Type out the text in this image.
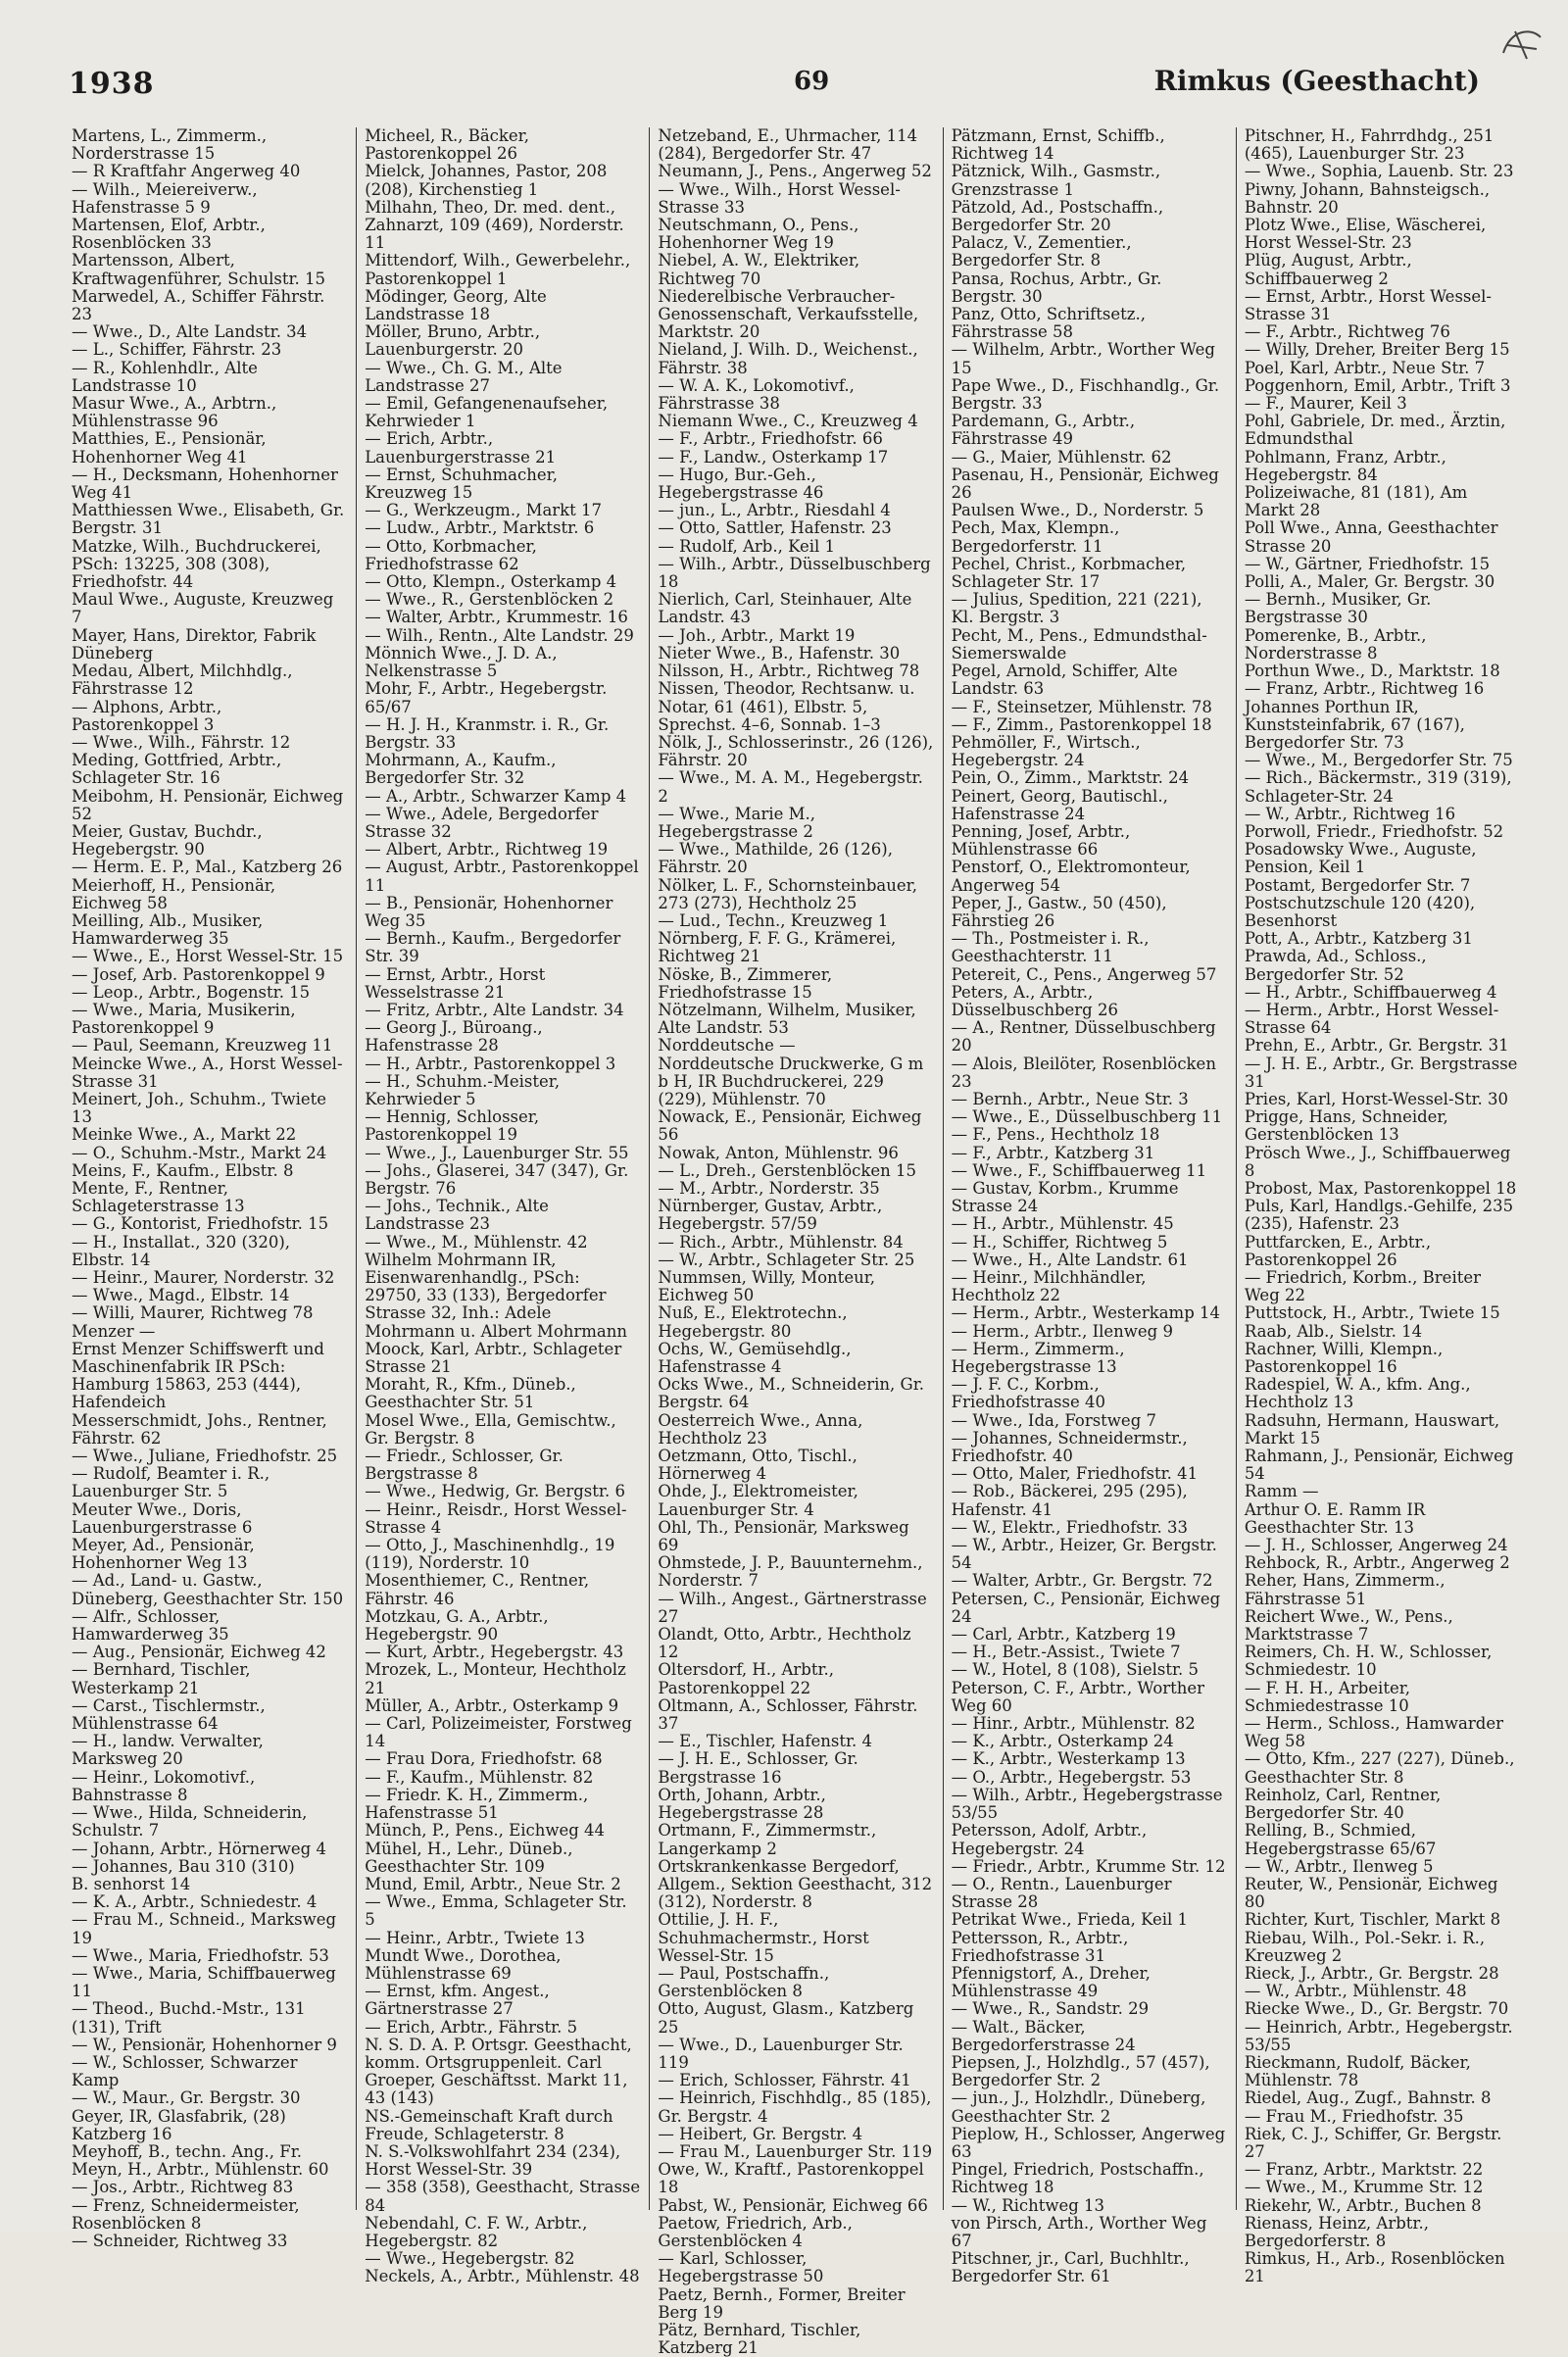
1938	69	Rimkus (Geesthacht)

Martens, L., Zimmerm., Norderstrasse 15

— R Kraftfahr Angerweg 40

— Wilh., Meiereiverw., Hafenstrasse 5 9

Martensen, Elof, Arbtr., Rosenblöcken 33

Martensson, Albert, Kraftwagenführer, Schulstr. 15

Marwedel, A., Schiffer Fährstr. 23

— Wwe., D., Alte Landstr. 34

— L., Schiffer, Fährstr. 23

— R., Kohlenhdlr., Alte Landstrasse 10

Masur Wwe., A., Arbtrn., Mühlenstrasse 96

Matthies, E., Pensionär, Hohenhorner Weg 41

— H., Decksmann, Hohenhorner Weg 41

Matthiessen Wwe., Elisabeth, Gr. Bergstr. 31

Matzke, Wilh., Buchdruckerei, PSch: 13225, 308 (308), Friedhofstr. 44

Maul Wwe., Auguste, Kreuzweg 7

Mayer, Hans, Direktor, Fabrik Düneberg

Medau, Albert, Milchhdlg., Fährstrasse 12

— Alphons, Arbtr., Pastorenkoppel 3

— Wwe., Wilh., Fährstr. 12

Meding, Gottfried, Arbtr., Schlageter Str. 16

Meibohm, H. Pensionär, Eichweg 52

Meier, Gustav, Buchdr., Hegebergstr. 90

— Herm. E. P., Mal., Katzberg 26

Meierhoff, H., Pensionär, Eichweg 58

Meilling, Alb., Musiker, Hamwarderweg 35

— Wwe., E., Horst Wessel-Str. 15

— Josef, Arb. Pastorenkoppel 9

— Leop., Arbtr., Bogenstr. 15

— Wwe., Maria, Musikerin, Pastorenkoppel 9

— Paul, Seemann, Kreuzweg 11

Meincke Wwe., A., Horst Wessel-Strasse 31

Meinert, Joh., Schuhm., Twiete 13

Meinke Wwe., A., Markt 22

— O., Schuhm.-Mstr., Markt 24

Meins, F., Kaufm., Elbstr. 8

Mente, F., Rentner, Schlageterstrasse 13

— G., Kontorist, Friedhofstr. 15

— H., Installat., 320 (320), Elbstr. 14

— Heinr., Maurer, Norderstr. 32

— Wwe., Magd., Elbstr. 14

— Willi, Maurer, Richtweg 78

Menzer —

Ernst Menzer Schiffswerft und Maschinenfabrik IR PSch: Hamburg 15863, 253 (444), Hafendeich

Messerschmidt, Johs., Rentner, Fährstr. 62

— Wwe., Juliane, Friedhofstr. 25

— Rudolf, Beamter i. R., Lauenburger Str. 5

Meuter Wwe., Doris, Lauenburgerstrasse 6

Meyer, Ad., Pensionär, Hohenhorner Weg 13

— Ad., Land- u. Gastw., Düneberg, Geesthachter Str. 150

— Alfr., Schlosser, Hamwarderweg 35

— Aug., Pensionär, Eichweg 42

— Bernhard, Tischler, Westerkamp 21

— Carst., Tischlermstr., Mühlenstrasse 64

— H., landw. Verwalter, Marksweg 20

— Heinr., Lokomotivf., Bahnstrasse 8

— Wwe., Hilda, Schneiderin, Schulstr. 7

— Johann, Arbtr., Hörnerweg 4

— Johannes, Bau 310 (310)

B. senhorst 14

— K. A., Arbtr., Schniedestr. 4

— Frau M., Schneid., Marksweg 19

— Wwe., Maria, Friedhofstr. 53

— Wwe., Maria, Schiffbauerweg 11

— Theod., Buchd.-Mstr., 131 (131), Trift

— W., Pensionär, Hohenhorner 9

— W., Schlosser, Schwarzer Kamp

— W., Maur., Gr. Bergstr. 30

Geyer, IR, Glasfabrik, (28) Katzberg 16

Meyhoff, B., techn. Ang., Fr.

Meyn, H., Arbtr., Mühlenstr. 60

— Jos., Arbtr., Richtweg 83

— Frenz, Schneidermeister, Rosenblöcken 8

— Schneider, Richtweg 33

Micheel, R., Bäcker, Pastorenkoppel 26

Mielck, Johannes, Pastor, 208 (208), Kirchenstieg 1

Milhahn, Theo, Dr. med. dent., Zahnarzt, 109 (469), Norderstr. 11

Mittendorf, Wilh., Gewerbelehr., Pastorenkoppel 1

Mödinger, Georg, Alte Landstrasse 18

Möller, Bruno, Arbtr., Lauenburgerstr. 20

— Wwe., Ch. G. M., Alte Landstrasse 27

— Emil, Gefangenenaufseher, Kehrwieder 1

— Erich, Arbtr., Lauenburgerstrasse 21

— Ernst, Schuhmacher, Kreuzweg 15

— G., Werkzeugm., Markt 17

— Ludw., Arbtr., Marktstr. 6

— Otto, Korbmacher, Friedhofstrasse 62

— Otto, Klempn., Osterkamp 4

— Wwe., R., Gerstenblöcken 2

— Walter, Arbtr., Krummestr. 16

— Wilh., Rentn., Alte Landstr. 29

Mönnich Wwe., J. D. A., Nelkenstrasse 5

Mohr, F., Arbtr., Hegebergstr. 65/67

— H. J. H., Kranmstr. i. R., Gr. Bergstr. 33

Mohrmann, A., Kaufm., Bergedorfer Str. 32

— A., Arbtr., Schwarzer Kamp 4

— Wwe., Adele, Bergedorfer Strasse 32

— Albert, Arbtr., Richtweg 19

— August, Arbtr., Pastorenkoppel 11

— B., Pensionär, Hohenhorner Weg 35

— Bernh., Kaufm., Bergedorfer Str. 39

— Ernst, Arbtr., Horst Wesselstrasse 21

— Fritz, Arbtr., Alte Landstr. 34

— Georg J., Büroang., Hafenstrasse 28

— H., Arbtr., Pastorenkoppel 3

— H., Schuhm.-Meister, Kehrwieder 5

— Hennig, Schlosser, Pastorenkoppel 19

— Wwe., J., Lauenburger Str. 55

— Johs., Glaserei, 347 (347), Gr. Bergstr. 76

— Johs., Technik., Alte Landstrasse 23

— Wwe., M., Mühlenstr. 42

Wilhelm Mohrmann IR, Eisenwarenhandlg., PSch: 29750, 33 (133), Bergedorfer Strasse 32, Inh.: Adele Mohrmann u. Albert Mohrmann

Moock, Karl, Arbtr., Schlageter Strasse 21

Moraht, R., Kfm., Düneb., Geesthachter Str. 51

Mosel Wwe., Ella, Gemischtw., Gr. Bergstr. 8

— Friedr., Schlosser, Gr. Bergstrasse 8

— Wwe., Hedwig, Gr. Bergstr. 6

— Heinr., Reisdr., Horst Wessel-Strasse 4

— Otto, J., Maschinenhdlg., 19 (119), Norderstr. 10

Mosenthiemer, C., Rentner, Fährstr. 46

Motzkau, G. A., Arbtr., Hegebergstr. 90

— Kurt, Arbtr., Hegebergstr. 43

Mrozek, L., Monteur, Hechtholz 21

Müller, A., Arbtr., Osterkamp 9

— Carl, Polizeimeister, Forstweg 14

— Frau Dora, Friedhofstr. 68

— F., Kaufm., Mühlenstr. 82

— Friedr. K. H., Zimmerm., Hafenstrasse 51

Münch, P., Pens., Eichweg 44

Mühel, H., Lehr., Düneb., Geesthachter Str. 109

Mund, Emil, Arbtr., Neue Str. 2

— Wwe., Emma, Schlageter Str. 5

— Heinr., Arbtr., Twiete 13

Mundt Wwe., Dorothea, Mühlenstrasse 69

— Ernst, kfm. Angest., Gärtnerstrasse 27

— Erich, Arbtr., Fährstr. 5

N. S. D. A. P. Ortsgr. Geesthacht, komm. Ortsgruppenleit. Carl Groeper, Geschäftsst. Markt 11, 43 (143)

NS.-Gemeinschaft Kraft durch Freude, Schlageterstr. 8

N. S.-Volkswohlfahrt 234 (234), Horst Wessel-Str. 39

— 358 (358), Geesthacht, Strasse 84

Nebendahl, C. F. W., Arbtr., Hegebergstr. 82

— Wwe., Hegebergstr. 82

Neckels, A., Arbtr., Mühlenstr. 48

Netzeband, E., Uhrmacher, 114 (284), Bergedorfer Str. 47

Neumann, J., Pens., Angerweg 52

— Wwe., Wilh., Horst Wessel-Strasse 33

Neutschmann, O., Pens., Hohenhorner Weg 19

Niebel, A. W., Elektriker, Richtweg 70

Niederelbische Verbraucher-Genossenschaft, Verkaufsstelle, Marktstr. 20

Nieland, J. Wilh. D., Weichenst., Fährstr. 38

— W. A. K., Lokomotivf., Fährstrasse 38

Niemann Wwe., C., Kreuzweg 4

— F., Arbtr., Friedhofstr. 66

— F., Landw., Osterkamp 17

— Hugo, Bur.-Geh., Hegebergstrasse 46

— jun., L., Arbtr., Riesdahl 4

— Otto, Sattler, Hafenstr. 23

— Rudolf, Arb., Keil 1

— Wilh., Arbtr., Düsselbuschberg 18

Nierlich, Carl, Steinhauer, Alte Landstr. 43

— Joh., Arbtr., Markt 19

Nieter Wwe., B., Hafenstr. 30

Nilsson, H., Arbtr., Richtweg 78

Nissen, Theodor, Rechtsanw. u. Notar, 61 (461), Elbstr. 5, Sprechst. 4–6, Sonnab. 1–3

Nölk, J., Schlosserinstr., 26 (126), Fährstr. 20

— Wwe., M. A. M., Hegebergstr. 2

— Wwe., Marie M., Hegebergstrasse 2

— Wwe., Mathilde, 26 (126), Fährstr. 20

Nölker, L. F., Schornsteinbauer, 273 (273), Hechtholz 25

— Lud., Techn., Kreuzweg 1

Nörnberg, F. F. G., Krämerei, Richtweg 21

Nöske, B., Zimmerer, Friedhofstrasse 15

Nötzelmann, Wilhelm, Musiker, Alte Landstr. 53

Norddeutsche —

Norddeutsche Druckwerke, G m b H, IR Buchdruckerei, 229 (229), Mühlenstr. 70

Nowack, E., Pensionär, Eichweg 56

Nowak, Anton, Mühlenstr. 96

— L., Dreh., Gerstenblöcken 15

— M., Arbtr., Norderstr. 35

Nürnberger, Gustav, Arbtr., Hegebergstr. 57/59

— Rich., Arbtr., Mühlenstr. 84

— W., Arbtr., Schlageter Str. 25

Nummsen, Willy, Monteur, Eichweg 50

Nuß, E., Elektrotechn., Hegebergstr. 80

Ochs, W., Gemüsehdlg., Hafenstrasse 4

Ocks Wwe., M., Schneiderin, Gr. Bergstr. 64

Oesterreich Wwe., Anna, Hechtholz 23

Oetzmann, Otto, Tischl., Hörnerweg 4

Ohde, J., Elektromeister, Lauenburger Str. 4

Ohl, Th., Pensionär, Marksweg 69

Ohmstede, J. P., Bauunternehm., Norderstr. 7

— Wilh., Angest., Gärtnerstrasse 27

Olandt, Otto, Arbtr., Hechtholz 12

Oltersdorf, H., Arbtr., Pastorenkoppel 22

Oltmann, A., Schlosser, Fährstr. 37

— E., Tischler, Hafenstr. 4

— J. H. E., Schlosser, Gr. Bergstrasse 16

Orth, Johann, Arbtr., Hegebergstrasse 28

Ortmann, F., Zimmermstr., Langerkamp 2

Ortskrankenkasse Bergedorf, Allgem., Sektion Geesthacht, 312 (312), Norderstr. 8

Ottilie, J. H. F., Schuhmachermstr., Horst Wessel-Str. 15

— Paul, Postschaffn., Gerstenblöcken 8

Otto, August, Glasm., Katzberg 25

— Wwe., D., Lauenburger Str. 119

— Erich, Schlosser, Fährstr. 41

— Heinrich, Fischhdlg., 85 (185), Gr. Bergstr. 4

— Heibert, Gr. Bergstr. 4

— Frau M., Lauenburger Str. 119

Owe, W., Kraftf., Pastorenkoppel 18

Pabst, W., Pensionär, Eichweg 66

Paetow, Friedrich, Arb., Gerstenblöcken 4

— Karl, Schlosser, Hegebergstrasse 50

Paetz, Bernh., Former, Breiter Berg 19

Pätz, Bernhard, Tischler, Katzberg 21

Pätzmann, Ernst, Schiffb., Richtweg 14

Pätznick, Wilh., Gasmstr., Grenzstrasse 1

Pätzold, Ad., Postschaffn., Bergedorfer Str. 20

Palacz, V., Zementier., Bergedorfer Str. 8

Pansa, Rochus, Arbtr., Gr. Bergstr. 30

Panz, Otto, Schriftsetz., Fährstrasse 58

— Wilhelm, Arbtr., Worther Weg 15

Pape Wwe., D., Fischhandlg., Gr. Bergstr. 33

Pardemann, G., Arbtr., Fährstrasse 49

— G., Maier, Mühlenstr. 62

Pasenau, H., Pensionär, Eichweg 26

Paulsen Wwe., D., Norderstr. 5

Pech, Max, Klempn., Bergedorferstr. 11

Pechel, Christ., Korbmacher, Schlageter Str. 17

— Julius, Spedition, 221 (221), Kl. Bergstr. 3

Pecht, M., Pens., Edmundsthal-Siemerswalde

Pegel, Arnold, Schiffer, Alte Landstr. 63

— F., Steinsetzer, Mühlenstr. 78

— F., Zimm., Pastorenkoppel 18

Pehmöller, F., Wirtsch., Hegebergstr. 24

Pein, O., Zimm., Marktstr. 24

Peinert, Georg, Bautischl., Hafenstrasse 24

Penning, Josef, Arbtr., Mühlenstrasse 66

Penstorf, O., Elektromonteur, Angerweg 54

Peper, J., Gastw., 50 (450), Fährstieg 26

— Th., Postmeister i. R., Geesthachterstr. 11

Petereit, C., Pens., Angerweg 57

Peters, A., Arbtr., Düsselbuschberg 26

— A., Rentner, Düsselbuschberg 20

— Alois, Bleilöter, Rosenblöcken 23

— Bernh., Arbtr., Neue Str. 3

— Wwe., E., Düsselbuschberg 11

— F., Pens., Hechtholz 18

— F., Arbtr., Katzberg 31

— Wwe., F., Schiffbauerweg 11

— Gustav, Korbm., Krumme Strasse 24

— H., Arbtr., Mühlenstr. 45

— H., Schiffer, Richtweg 5

— Wwe., H., Alte Landstr. 61

— Heinr., Milchhändler, Hechtholz 22

— Herm., Arbtr., Westerkamp 14

— Herm., Arbtr., Ilenweg 9

— Herm., Zimmerm., Hegebergstrasse 13

— J. F. C., Korbm., Friedhofstrasse 40

— Wwe., Ida, Forstweg 7

— Johannes, Schneidermstr., Friedhofstr. 40

— Otto, Maler, Friedhofstr. 41

— Rob., Bäckerei, 295 (295), Hafenstr. 41

— W., Elektr., Friedhofstr. 33

— W., Arbtr., Heizer, Gr. Bergstr. 54

— Walter, Arbtr., Gr. Bergstr. 72

Petersen, C., Pensionär, Eichweg 24

— Carl, Arbtr., Katzberg 19

— H., Betr.-Assist., Twiete 7

— W., Hotel, 8 (108), Sielstr. 5

Peterson, C. F., Arbtr., Worther Weg 60

— Hinr., Arbtr., Mühlenstr. 82

— K., Arbtr., Osterkamp 24

— K., Arbtr., Westerkamp 13

— O., Arbtr., Hegebergstr. 53

— Wilh., Arbtr., Hegebergstrasse 53/55

Petersson, Adolf, Arbtr., Hegebergstr. 24

— Friedr., Arbtr., Krumme Str. 12

— O., Rentn., Lauenburger Strasse 28

Petrikat Wwe., Frieda, Keil 1

Pettersson, R., Arbtr., Friedhofstrasse 31

Pfennigstorf, A., Dreher, Mühlenstrasse 49

— Wwe., R., Sandstr. 29

— Walt., Bäcker, Bergedorferstrasse 24

Piepsen, J., Holzhdlg., 57 (457), Bergedorfer Str. 2

— jun., J., Holzhdlr., Düneberg, Geesthachter Str. 2

Pieplow, H., Schlosser, Angerweg 63

Pingel, Friedrich, Postschaffn., Richtweg 18

— W., Richtweg 13

von Pirsch, Arth., Worther Weg 67

Pitschner, jr., Carl, Buchhltr., Bergedorfer Str. 61

Pitschner, H., Fahrrdhdg., 251 (465), Lauenburger Str. 23

— Wwe., Sophia, Lauenb. Str. 23

Piwny, Johann, Bahnsteigsch., Bahnstr. 20

Plotz Wwe., Elise, Wäscherei, Horst Wessel-Str. 23

Plüg, August, Arbtr., Schiffbauerweg 2

— Ernst, Arbtr., Horst Wessel-Strasse 31

— F., Arbtr., Richtweg 76

— Willy, Dreher, Breiter Berg 15

Poel, Karl, Arbtr., Neue Str. 7

Poggenhorn, Emil, Arbtr., Trift 3

— F., Maurer, Keil 3

Pohl, Gabriele, Dr. med., Ärztin, Edmundsthal

Pohlmann, Franz, Arbtr., Hegebergstr. 84

Polizeiwache, 81 (181), Am Markt 28

Poll Wwe., Anna, Geesthachter Strasse 20

— W., Gärtner, Friedhofstr. 15

Polli, A., Maler, Gr. Bergstr. 30

— Bernh., Musiker, Gr. Bergstrasse 30

Pomerenke, B., Arbtr., Norderstrasse 8

Porthun Wwe., D., Marktstr. 18

— Franz, Arbtr., Richtweg 16

Johannes Porthun IR, Kunststeinfabrik, 67 (167), Bergedorfer Str. 73

— Wwe., M., Bergedorfer Str. 75

— Rich., Bäckermstr., 319 (319), Schlageter-Str. 24

— W., Arbtr., Richtweg 16

Porwoll, Friedr., Friedhofstr. 52

Posadowsky Wwe., Auguste, Pension, Keil 1

Postamt, Bergedorfer Str. 7

Postschutzschule 120 (420), Besenhorst

Pott, A., Arbtr., Katzberg 31

Prawda, Ad., Schloss., Bergedorfer Str. 52

— H., Arbtr., Schiffbauerweg 4

— Herm., Arbtr., Horst Wessel-Strasse 64

Prehn, E., Arbtr., Gr. Bergstr. 31

— J. H. E., Arbtr., Gr. Bergstrasse 31

Pries, Karl, Horst-Wessel-Str. 30

Prigge, Hans, Schneider, Gerstenblöcken 13

Prösch Wwe., J., Schiffbauerweg 8

Probost, Max, Pastorenkoppel 18

Puls, Karl, Handlgs.-Gehilfe, 235 (235), Hafenstr. 23

Puttfarcken, E., Arbtr., Pastorenkoppel 26

— Friedrich, Korbm., Breiter Weg 22

Puttstock, H., Arbtr., Twiete 15

Raab, Alb., Sielstr. 14

Rachner, Willi, Klempn., Pastorenkoppel 16

Radespiel, W. A., kfm. Ang., Hechtholz 13

Radsuhn, Hermann, Hauswart, Markt 15

Rahmann, J., Pensionär, Eichweg 54

Ramm —

Arthur O. E. Ramm IR Geesthachter Str. 13

— J. H., Schlosser, Angerweg 24

Rehbock, R., Arbtr., Angerweg 2

Reher, Hans, Zimmerm., Fährstrasse 51

Reichert Wwe., W., Pens., Marktstrasse 7

Reimers, Ch. H. W., Schlosser, Schmiedestr. 10

— F. H. H., Arbeiter, Schmiedestrasse 10

— Herm., Schloss., Hamwarder Weg 58

— Otto, Kfm., 227 (227), Düneb., Geesthachter Str. 8

Reinholz, Carl, Rentner, Bergedorfer Str. 40

Relling, B., Schmied, Hegebergstrasse 65/67

— W., Arbtr., Ilenweg 5

Reuter, W., Pensionär, Eichweg 80

Richter, Kurt, Tischler, Markt 8

Riebau, Wilh., Pol.-Sekr. i. R., Kreuzweg 2

Rieck, J., Arbtr., Gr. Bergstr. 28

— W., Arbtr., Mühlenstr. 48

Riecke Wwe., D., Gr. Bergstr. 70

— Heinrich, Arbtr., Hegebergstr. 53/55

Rieckmann, Rudolf, Bäcker, Mühlenstr. 78

Riedel, Aug., Zugf., Bahnstr. 8

— Frau M., Friedhofstr. 35

Riek, C. J., Schiffer, Gr. Bergstr. 27

— Franz, Arbtr., Marktstr. 22

— Wwe., M., Krumme Str. 12

Riekehr, W., Arbtr., Buchen 8

Rienass, Heinz, Arbtr., Bergedorferstr. 8

Rimkus, H., Arb., Rosenblöcken 21
